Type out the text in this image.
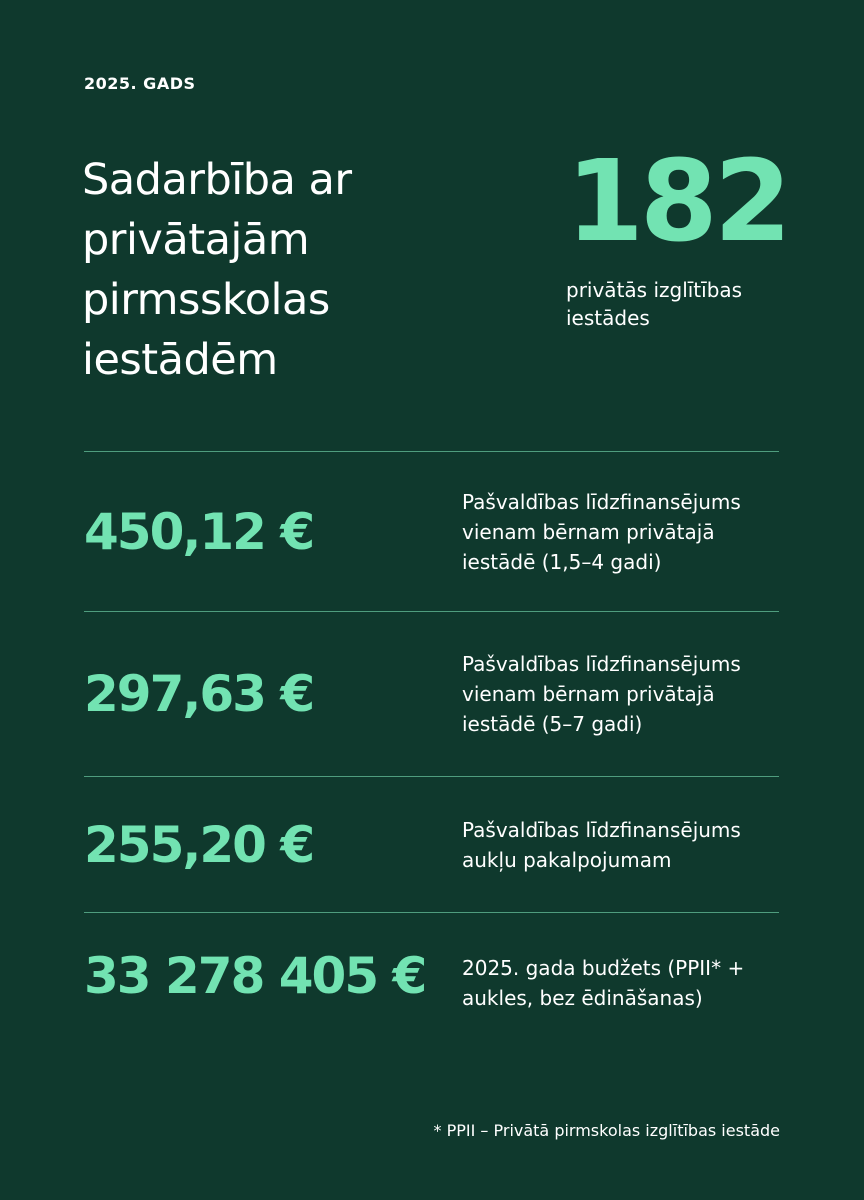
2025. GADS
Sadarbība ar privātajām pirmsskolas iestādēm
182
privātās izglītības iestādes
450,12 €
Pašvaldības līdzfinansējums vienam bērnam privātajā iestādē (1,5–4 gadi)
297,63 €
Pašvaldības līdzfinansējums vienam bērnam privātajā iestādē (5–7 gadi)
255,20 €	Pašvaldības līdzfinansējums aukļu pakalpojumam
33 278 405 €	2025. gada budžets (PPII* + aukles, bez ēdināšanas)
* PPII – Privātā pirmskolas izglītības iestāde
